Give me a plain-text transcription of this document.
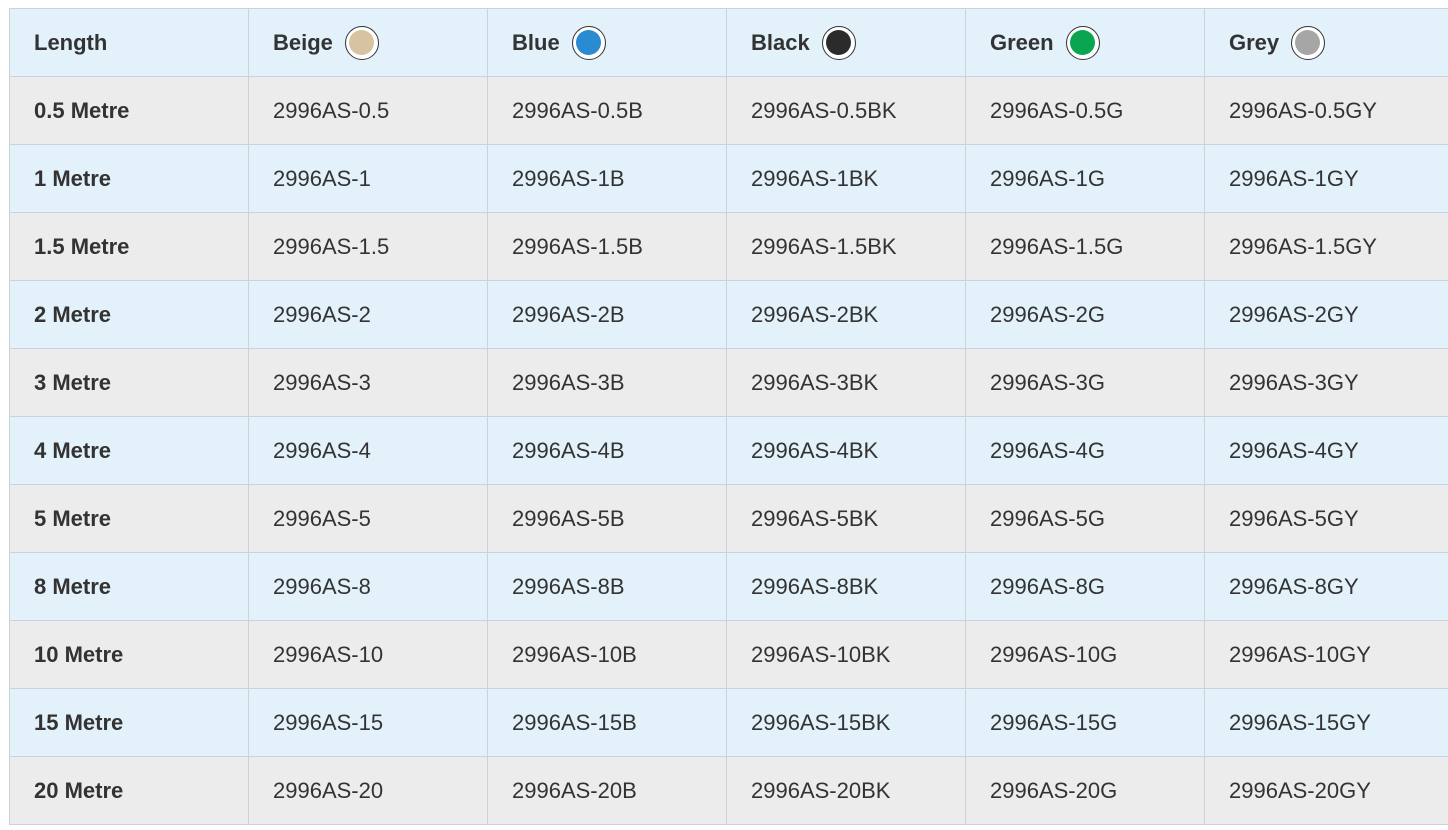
Length	Beige	Blue	Black	Green	Grey

0.5 Metre	2996AS-0.5	2996AS-0.5B	2996AS-0.5BK	2996AS-0.5G	2996AS-0.5GY
1 Metre	2996AS-1	2996AS-1B	2996AS-1BK	2996AS-1G	2996AS-1GY
1.5 Metre	2996AS-1.5	2996AS-1.5B	2996AS-1.5BK	2996AS-1.5G	2996AS-1.5GY
2 Metre	2996AS-2	2996AS-2B	2996AS-2BK	2996AS-2G	2996AS-2GY
3 Metre	2996AS-3	2996AS-3B	2996AS-3BK	2996AS-3G	2996AS-3GY
4 Metre	2996AS-4	2996AS-4B	2996AS-4BK	2996AS-4G	2996AS-4GY
5 Metre	2996AS-5	2996AS-5B	2996AS-5BK	2996AS-5G	2996AS-5GY
8 Metre	2996AS-8	2996AS-8B	2996AS-8BK	2996AS-8G	2996AS-8GY
10 Metre	2996AS-10	2996AS-10B	2996AS-10BK	2996AS-10G	2996AS-10GY
15 Metre	2996AS-15	2996AS-15B	2996AS-15BK	2996AS-15G	2996AS-15GY
20 Metre	2996AS-20	2996AS-20B	2996AS-20BK	2996AS-20G	2996AS-20GY
